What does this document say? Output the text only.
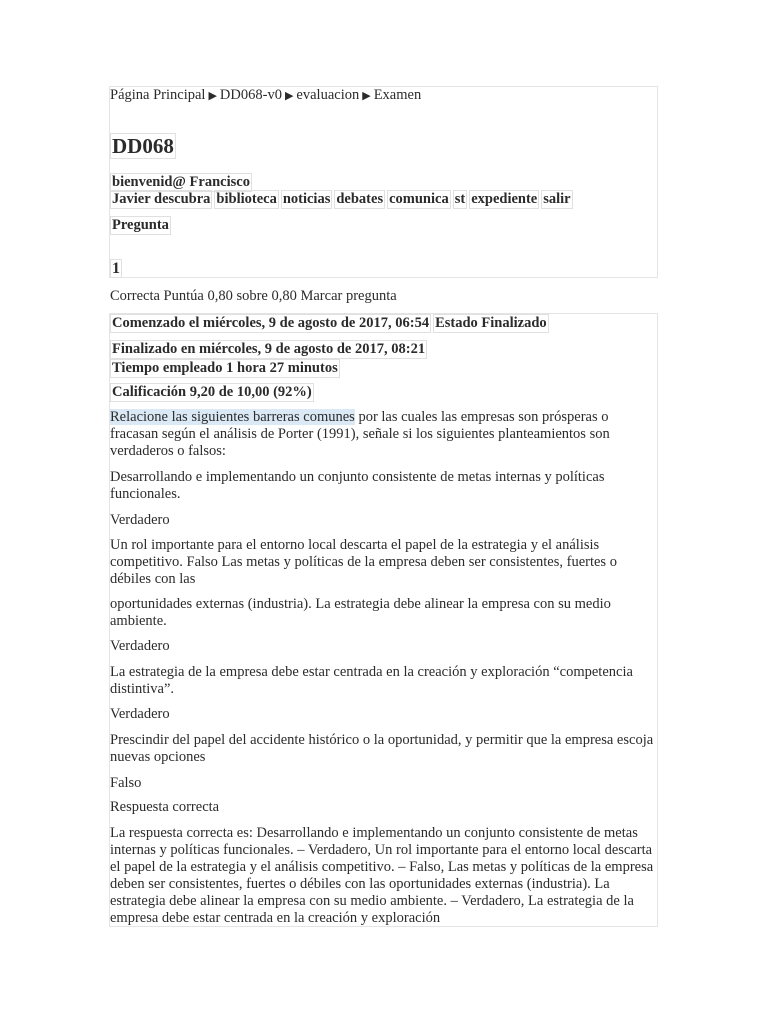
Página Principal ▶ DD068-v0 ▶ evaluacion ▶ Examen
DD068
bienvenid@ Francisco
Javier descubra biblioteca noticias debates comunica st expediente salir
Pregunta
1
Correcta Puntúa 0,80 sobre 0,80 Marcar pregunta
Comenzado el miércoles, 9 de agosto de 2017, 06:54 Estado Finalizado
Finalizado en miércoles, 9 de agosto de 2017, 08:21Tiempo empleado 1 hora 27 minutos
Calificación 9,20 de 10,00 (92%)
Relacione las siguientes barreras comunes por las cuales las empresas son prósperas o fracasan según el análisis de Porter (1991), señale si los siguientes planteamientos son verdaderos o falsos:
Desarrollando e implementando un conjunto consistente de metas internas y políticas funcionales.
Verdadero
Un rol importante para el entorno local descarta el papel de la estrategia y el análisis competitivo. Falso Las metas y políticas de la empresa deben ser consistentes, fuertes o débiles con las
oportunidades externas (industria). La estrategia debe alinear la empresa con su medio ambiente.
Verdadero
La estrategia de la empresa debe estar centrada en la creación y exploración “competencia distintiva”.
Verdadero
Prescindir del papel del accidente histórico o la oportunidad, y permitir que la empresa escoja nuevas opciones
Falso
Respuesta correcta
La respuesta correcta es: Desarrollando e implementando un conjunto consistente de metas internas y políticas funcionales. – Verdadero, Un rol importante para el entorno local descarta el papel de la estrategia y el análisis competitivo. – Falso, Las metas y políticas de la empresa deben ser consistentes, fuertes o débiles con las oportunidades externas (industria). La estrategia debe alinear la empresa con su medio ambiente. – Verdadero, La estrategia de la empresa debe estar centrada en la creación y exploración
